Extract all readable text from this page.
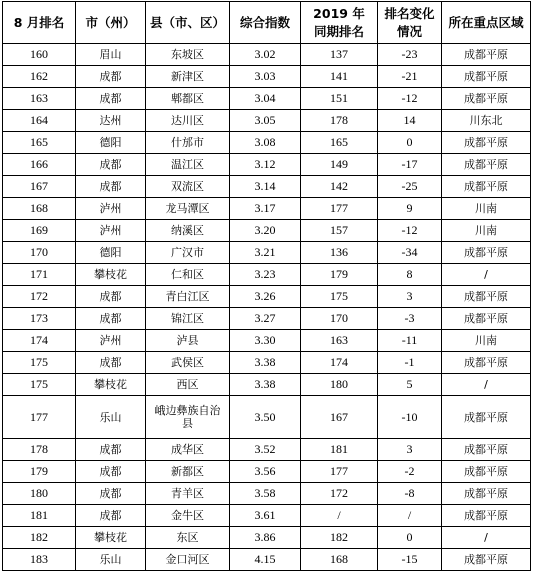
8 月排名	市（州）	县（市、区）	综合指数	2019 年同期排名	排名变化情况	所在重点区域
160	眉山	东坡区	3.02	137	-23	成都平原
162	成都	新津区	3.03	141	-21	成都平原
163	成都	郫都区	3.04	151	-12	成都平原
164	达州	达川区	3.05	178	14	川东北
165	德阳	什邡市	3.08	165	0	成都平原
166	成都	温江区	3.12	149	-17	成都平原
167	成都	双流区	3.14	142	-25	成都平原
168	泸州	龙马潭区	3.17	177	9	川南
169	泸州	纳溪区	3.20	157	-12	川南
170	德阳	广汉市	3.21	136	-34	成都平原
171	攀枝花	仁和区	3.23	179	8	/
172	成都	青白江区	3.26	175	3	成都平原
173	成都	锦江区	3.27	170	-3	成都平原
174	泸州	泸县	3.30	163	-11	川南
175	成都	武侯区	3.38	174	-1	成都平原
175	攀枝花	西区	3.38	180	5	/
177	乐山	峨边彝族自治县	3.50	167	-10	成都平原
178	成都	成华区	3.52	181	3	成都平原
179	成都	新都区	3.56	177	-2	成都平原
180	成都	青羊区	3.58	172	-8	成都平原
181	成都	金牛区	3.61	/	/	成都平原
182	攀枝花	东区	3.86	182	0	/
183	乐山	金口河区	4.15	168	-15	成都平原
